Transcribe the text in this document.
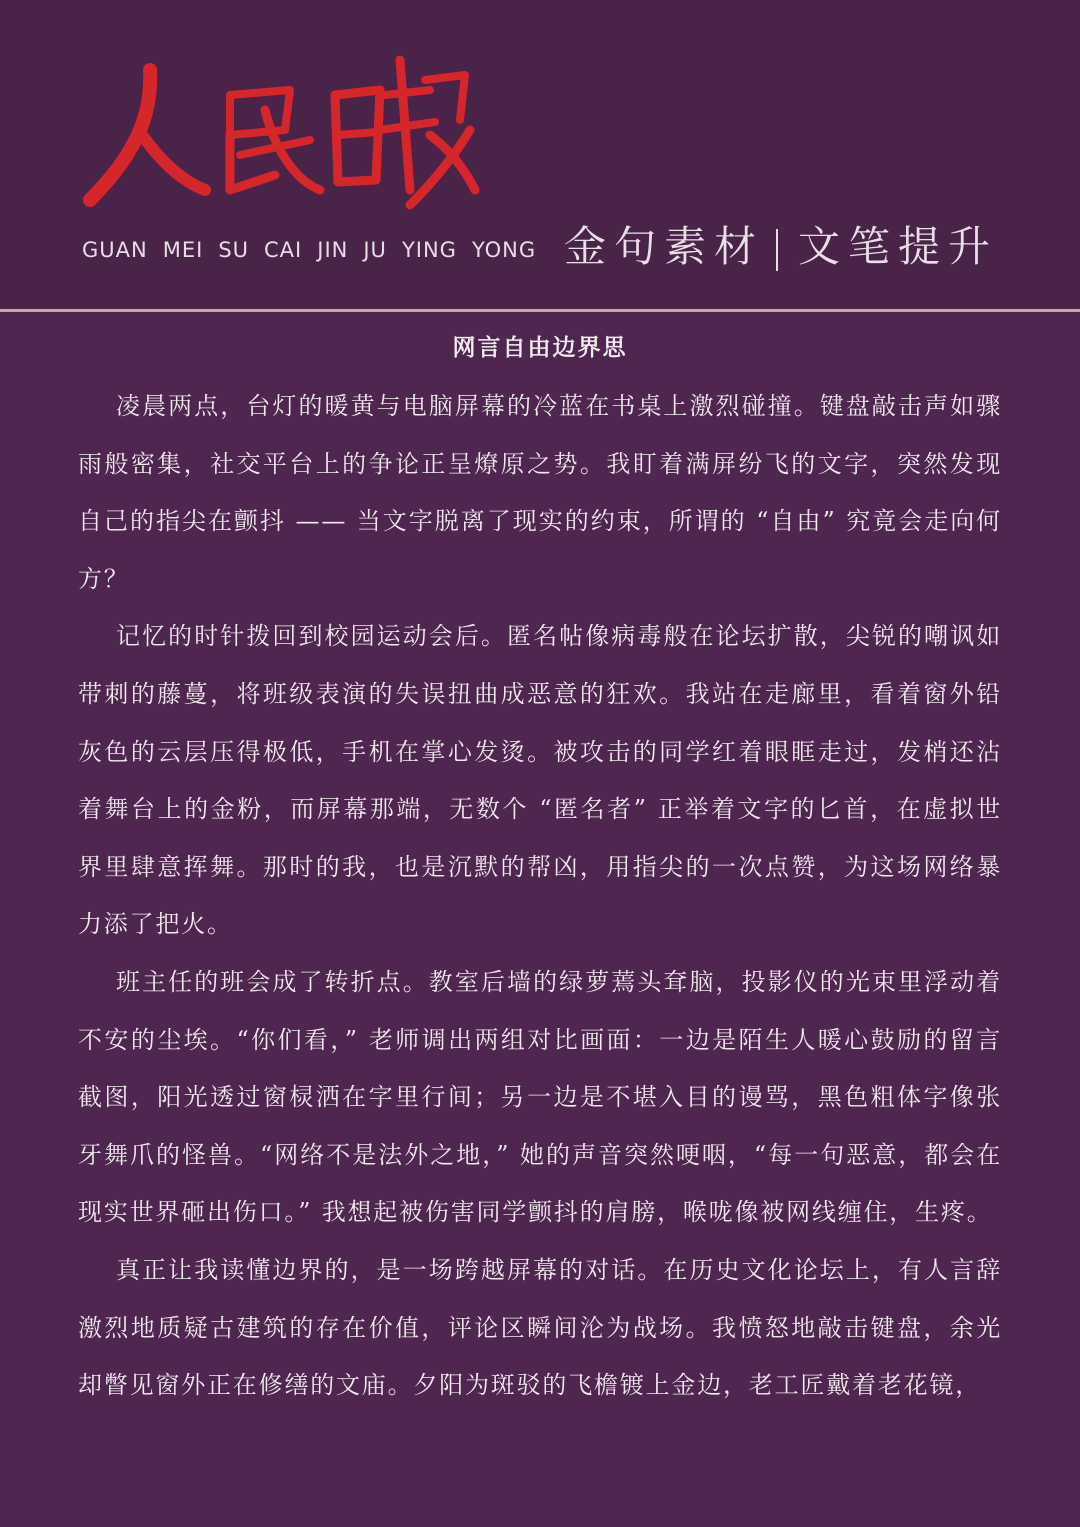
GUAN MEI SU CAI JIN JU YING YONG 金句素材 文笔提升
网言自由边界思

凌晨两点，台灯的暖黄与电脑屏幕的冷蓝在书桌上激烈碰撞。键盘敲击声如骤雨般密集，社交平台上的争论正呈燎原之势。我盯着满屏纷飞的文字，突然发现自己的指尖在颤抖 —— 当文字脱离了现实的约束，所谓的 “自由” 究竟会走向何方？

记忆的时针拨回到校园运动会后。匿名帖像病毒般在论坛扩散，尖锐的嘲讽如带刺的藤蔓，将班级表演的失误扭曲成恶意的狂欢。我站在走廊里，看着窗外铅灰色的云层压得极低，手机在掌心发烫。被攻击的同学红着眼眶走过，发梢还沾着舞台上的金粉，而屏幕那端，无数个 “匿名者” 正举着文字的匕首，在虚拟世界里肆意挥舞。那时的我，也是沉默的帮凶，用指尖的一次点赞，为这场网络暴力添了把火。

班主任的班会成了转折点。教室后墙的绿萝蔫头耷脑，投影仪的光束里浮动着不安的尘埃。“你们看，” 老师调出两组对比画面：一边是陌生人暖心鼓励的留言截图，阳光透过窗棂洒在字里行间；另一边是不堪入目的谩骂，黑色粗体字像张牙舞爪的怪兽。“网络不是法外之地，” 她的声音突然哽咽，“每一句恶意，都会在现实世界砸出伤口。” 我想起被伤害同学颤抖的肩膀，喉咙像被网线缠住，生疼。

真正让我读懂边界的，是一场跨越屏幕的对话。在历史文化论坛上，有人言辞激烈地质疑古建筑的存在价值，评论区瞬间沦为战场。我愤怒地敲击键盘，余光却瞥见窗外正在修缮的文庙。夕阳为斑驳的飞檐镀上金边，老工匠戴着老花镜，
